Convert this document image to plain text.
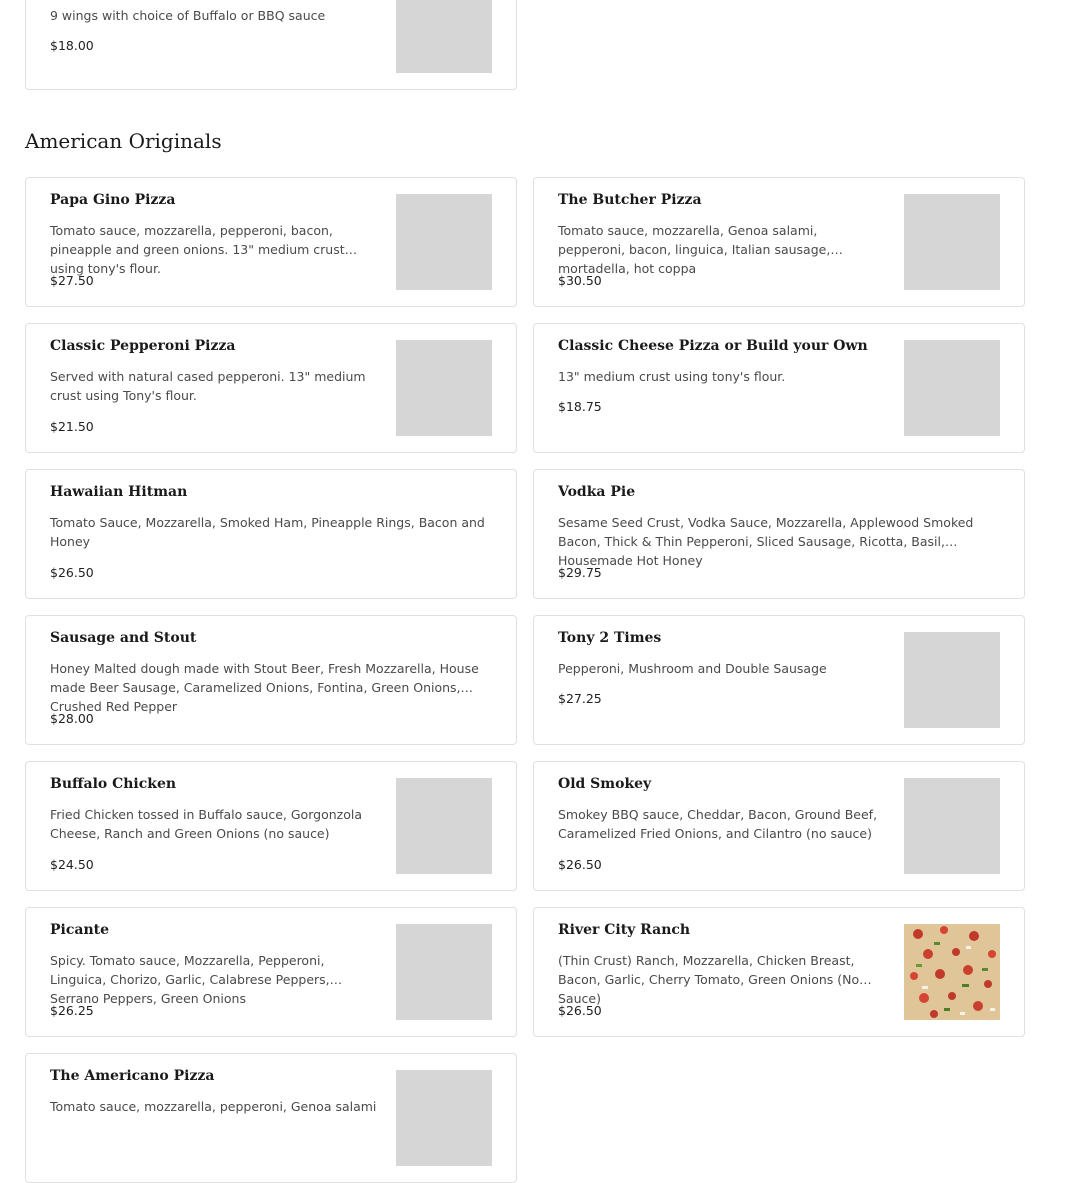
9 wings with choice of Buffalo or BBQ sauce
$18.00
American Originals
Papa Gino Pizza
Tomato sauce, mozzarella, pepperoni, bacon, pineapple and green onions. 13" medium crust using tony's flour.
$27.50
The Butcher Pizza
Tomato sauce, mozzarella, Genoa salami, pepperoni, bacon, linguica, Italian sausage, mortadella, hot coppa
$30.50
Classic Pepperoni Pizza
Served with natural cased pepperoni. 13" medium crust using Tony's flour.
$21.50
Classic Cheese Pizza or Build your Own
13" medium crust using tony's flour.
$18.75
Hawaiian Hitman
Tomato Sauce, Mozzarella, Smoked Ham, Pineapple Rings, Bacon and Honey
$26.50
Vodka Pie
Sesame Seed Crust, Vodka Sauce, Mozzarella, Applewood Smoked Bacon, Thick & Thin Pepperoni, Sliced Sausage, Ricotta, Basil, Housemade Hot Honey
$29.75
Sausage and Stout
Honey Malted dough made with Stout Beer, Fresh Mozzarella, House made Beer Sausage, Caramelized Onions, Fontina, Green Onions, Crushed Red Pepper
$28.00
Tony 2 Times
Pepperoni, Mushroom and Double Sausage
$27.25
Buffalo Chicken
Fried Chicken tossed in Buffalo sauce, Gorgonzola Cheese, Ranch and Green Onions (no sauce)
$24.50
Old Smokey
Smokey BBQ sauce, Cheddar, Bacon, Ground Beef, Caramelized Fried Onions, and Cilantro (no sauce)
$26.50
Picante
Spicy. Tomato sauce, Mozzarella, Pepperoni, Linguica, Chorizo, Garlic, Calabrese Peppers, Serrano Peppers, Green Onions
$26.25
River City Ranch
(Thin Crust) Ranch, Mozzarella, Chicken Breast, Bacon, Garlic, Cherry Tomato, Green Onions (No Sauce)
$26.50
The Americano Pizza
Tomato sauce, mozzarella, pepperoni, Genoa salami
